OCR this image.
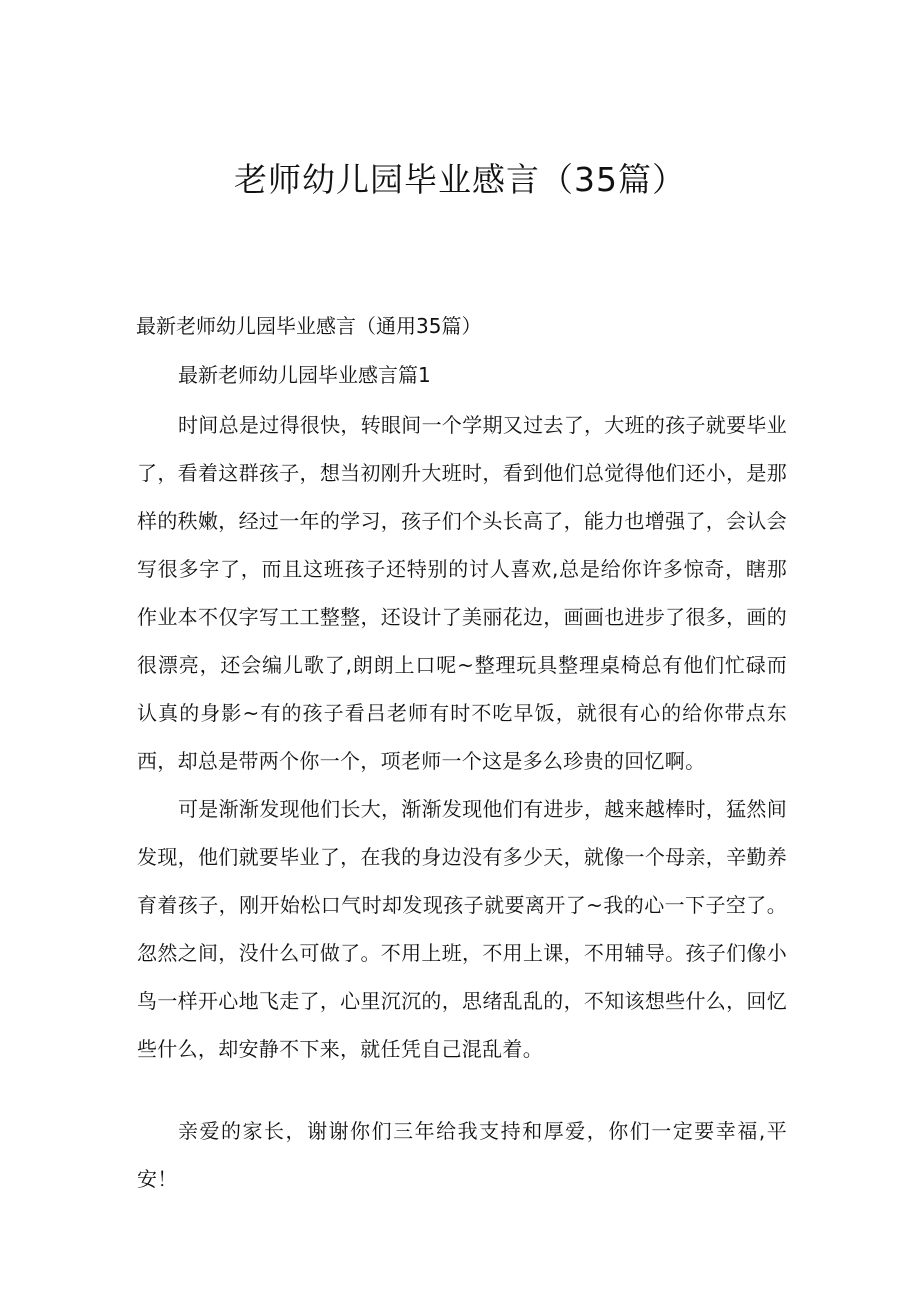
老师幼儿园毕业感言（35篇）

最新老师幼儿园毕业感言（通用35篇）

最新老师幼儿园毕业感言篇1

时间总是过得很快，转眼间一个学期又过去了，大班的孩子就要毕业了，看着这群孩子，想当初刚升大班时，看到他们总觉得他们还小，是那样的秩嫩，经过一年的学习，孩子们个头长高了，能力也增强了，会认会写很多字了，而且这班孩子还特别的讨人喜欢,总是给你许多惊奇，瞎那作业本不仅字写工工整整，还设计了美丽花边，画画也进步了很多，画的很漂亮，还会编儿歌了,朗朗上口呢~整理玩具整理桌椅总有他们忙碌而认真的身影~有的孩子看吕老师有时不吃早饭，就很有心的给你带点东西，却总是带两个你一个，项老师一个这是多么珍贵的回忆啊。

可是渐渐发现他们长大，渐渐发现他们有进步，越来越棒时，猛然间发现，他们就要毕业了，在我的身边没有多少天，就像一个母亲，辛勤养育着孩子，刚开始松口气时却发现孩子就要离开了~我的心一下子空了。忽然之间，没什么可做了。不用上班，不用上课，不用辅导。孩子们像小鸟一样开心地飞走了，心里沉沉的，思绪乱乱的，不知该想些什么，回忆些什么，却安静不下来，就任凭自己混乱着。

亲爱的家长，谢谢你们三年给我支持和厚爱，你们一定要幸福,平安！
